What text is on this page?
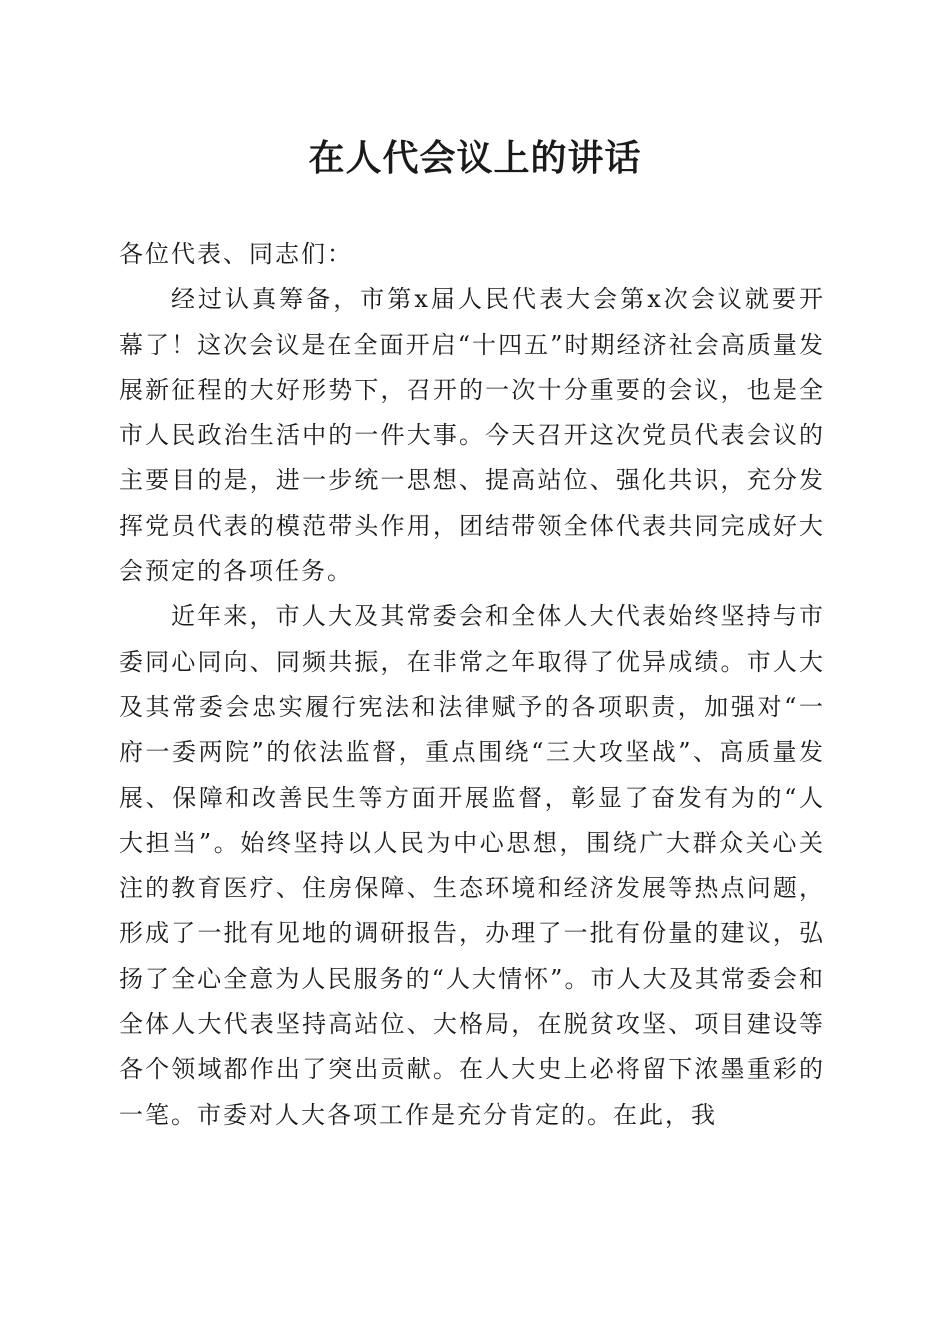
在人代会议上的讲话

各位代表、同志们：

经过认真筹备，市第x届人民代表大会第x次会议就要开幕了！这次会议是在全面开启“十四五”时期经济社会高质量发展新征程的大好形势下，召开的一次十分重要的会议，也是全市人民政治生活中的一件大事。今天召开这次党员代表会议的主要目的是，进一步统一思想、提高站位、强化共识，充分发挥党员代表的模范带头作用，团结带领全体代表共同完成好大会预定的各项任务。

近年来，市人大及其常委会和全体人大代表始终坚持与市委同心同向、同频共振，在非常之年取得了优异成绩。市人大及其常委会忠实履行宪法和法律赋予的各项职责，加强对“一府一委两院”的依法监督，重点围绕“三大攻坚战”、高质量发展、保障和改善民生等方面开展监督，彰显了奋发有为的“人大担当”。始终坚持以人民为中心思想，围绕广大群众关心关注的教育医疗、住房保障、生态环境和经济发展等热点问题，形成了一批有见地的调研报告，办理了一批有份量的建议，弘扬了全心全意为人民服务的“人大情怀”。市人大及其常委会和全体人大代表坚持高站位、大格局，在脱贫攻坚、项目建设等各个领域都作出了突出贡献。在人大史上必将留下浓墨重彩的一笔。市委对人大各项工作是充分肯定的。在此，我
